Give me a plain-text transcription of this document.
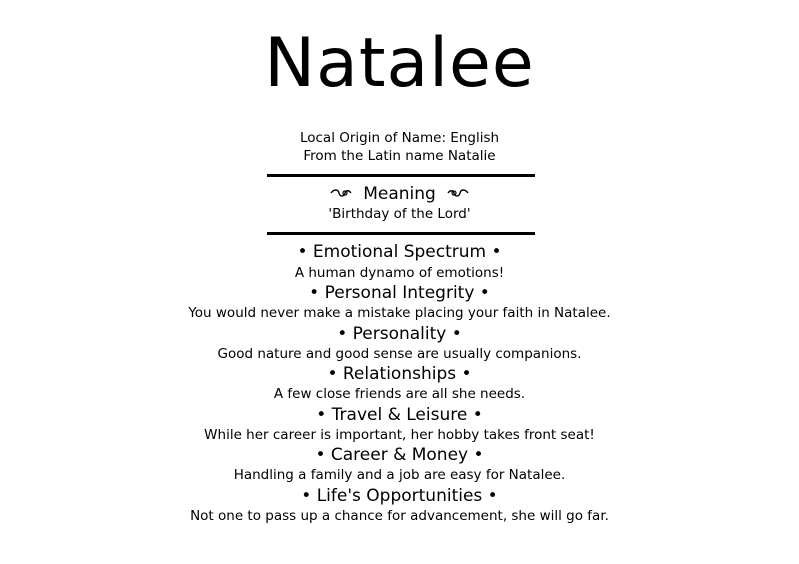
Natalee
Local Origin of Name: English
From the Latin name Natalie
Meaning
'Birthday of the Lord'
• Emotional Spectrum •
A human dynamo of emotions!
• Personal Integrity •
You would never make a mistake placing your faith in Natalee.
• Personality •
Good nature and good sense are usually companions.
• Relationships •
A few close friends are all she needs.
• Travel & Leisure •
While her career is important, her hobby takes front seat!
• Career & Money •
Handling a family and a job are easy for Natalee.
• Life's Opportunities •
Not one to pass up a chance for advancement, she will go far.
